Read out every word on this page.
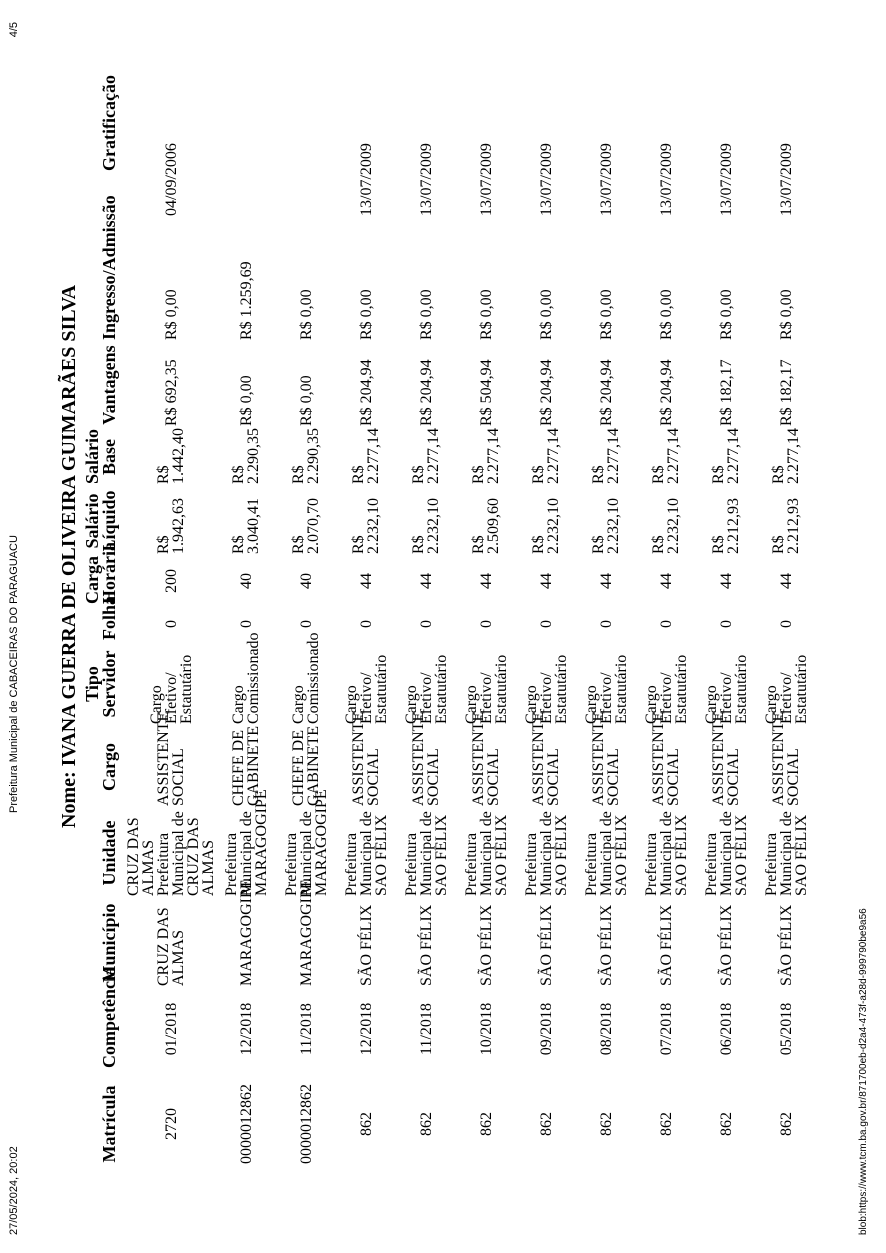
27/05/2024, 20:02
Prefeitura Municipal de CABACEIRAS DO PARAGUACU
4/5
Nome: IVANA GUERRA DE OLIVEIRA GUIMARÃES SILVA
Matrícula	Competência	Município	Unidade	Cargo	Tipo Servidor	Folha	Carga Horária	Salário Líquido	Salário Base	Vantagens	Ingresso/Admissão	Gratificação
2720	01/2018	CRUZ DAS ALMAS	CRUZ DAS ALMAS Prefeitura Municipal de CRUZ DAS ALMAS	ASSISTENTE SOCIAL	Cargo Efetivo/ Estatutário	0	200	R$ 1.942,63	R$ 1.442,40	R$ 692,35	R$ 0,00	04/09/2006
0000012862	12/2018	MARAGOGIPE	Prefeitura Municipal de MARAGOGIPE	CHEFE DE GABINETE	Cargo Comissionado	0	40	R$ 3.040,41	R$ 2.290,35	R$ 0,00	R$ 1.259,69	
0000012862	11/2018	MARAGOGIPE	Prefeitura Municipal de MARAGOGIPE	CHEFE DE GABINETE	Cargo Comissionado	0	40	R$ 2.070,70	R$ 2.290,35	R$ 0,00	R$ 0,00	
862	12/2018	SÃO FÉLIX	Prefeitura Municipal de SAO FELIX	ASSISTENTE SOCIAL	Cargo Efetivo/ Estatutário	0	44	R$ 2.232,10	R$ 2.277,14	R$ 204,94	R$ 0,00	13/07/2009
862	11/2018	SÃO FÉLIX	Prefeitura Municipal de SAO FELIX	ASSISTENTE SOCIAL	Cargo Efetivo/ Estatutário	0	44	R$ 2.232,10	R$ 2.277,14	R$ 204,94	R$ 0,00	13/07/2009
862	10/2018	SÃO FÉLIX	Prefeitura Municipal de SAO FELIX	ASSISTENTE SOCIAL	Cargo Efetivo/ Estatutário	0	44	R$ 2.509,60	R$ 2.277,14	R$ 504,94	R$ 0,00	13/07/2009
862	09/2018	SÃO FÉLIX	Prefeitura Municipal de SAO FELIX	ASSISTENTE SOCIAL	Cargo Efetivo/ Estatutário	0	44	R$ 2.232,10	R$ 2.277,14	R$ 204,94	R$ 0,00	13/07/2009
862	08/2018	SÃO FÉLIX	Prefeitura Municipal de SAO FELIX	ASSISTENTE SOCIAL	Cargo Efetivo/ Estatutário	0	44	R$ 2.232,10	R$ 2.277,14	R$ 204,94	R$ 0,00	13/07/2009
862	07/2018	SÃO FÉLIX	Prefeitura Municipal de SAO FELIX	ASSISTENTE SOCIAL	Cargo Efetivo/ Estatutário	0	44	R$ 2.232,10	R$ 2.277,14	R$ 204,94	R$ 0,00	13/07/2009
862	06/2018	SÃO FÉLIX	Prefeitura Municipal de SAO FELIX	ASSISTENTE SOCIAL	Cargo Efetivo/ Estatutário	0	44	R$ 2.212,93	R$ 2.277,14	R$ 182,17	R$ 0,00	13/07/2009
862	05/2018	SÃO FÉLIX	Prefeitura Municipal de SAO FELIX	ASSISTENTE SOCIAL	Cargo Efetivo/ Estatutário	0	44	R$ 2.212,93	R$ 2.277,14	R$ 182,17	R$ 0,00	13/07/2009
blob:https://www.tcm.ba.gov.br/871700eb-d2a4-473f-a28d-999790be9a56
